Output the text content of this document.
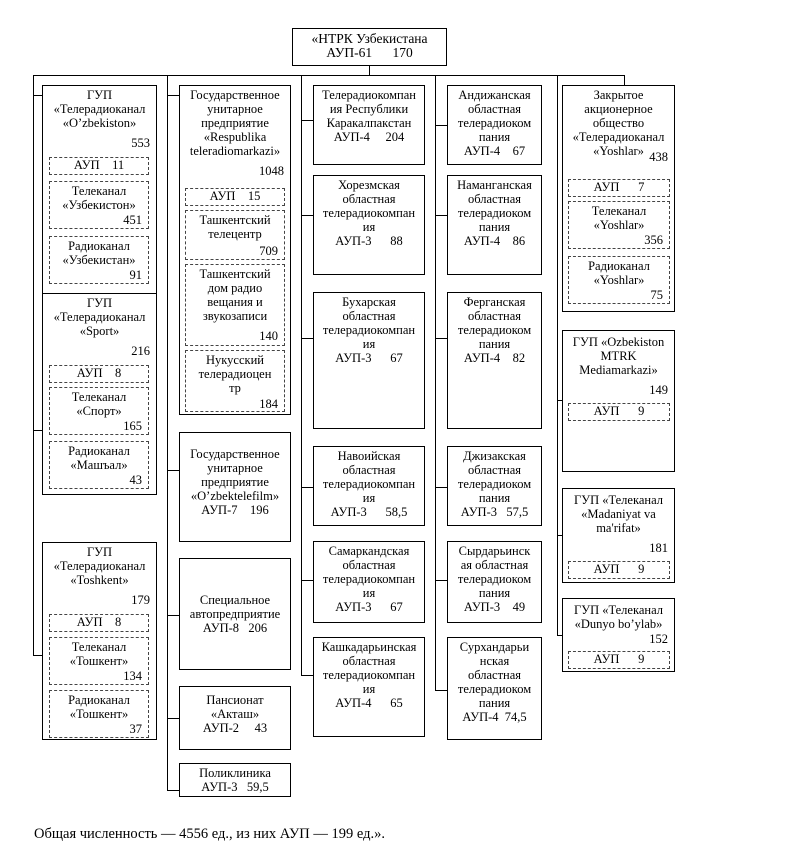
«НТРК Узбекистана
АУП-61 170
ГУП
«Телерадиоканал
«O’zbekiston»
553
АУП 11
Телеканал
«Узбекистон»
451
Радиоканал
«Узбекистан»
91
ГУП
«Телерадиоканал
«Sport»
216
АУП 8
Телеканал
«Спорт»
165
Радиоканал
«Машъал»
43
ГУП
«Телерадиоканал
«Toshkent»
179
АУП 8
Телеканал
«Тошкент»
134
Радиоканал
«Тошкент»
37
Государственное
унитарное
предприятие
«Respublika
teleradiomarkazi»
1048
АУП 15
Ташкентский
телецентр
709
Ташкентский
дом радио
вещания и
звукозаписи
140
Нукусский
телерадиоцен
тр
184
Государственное
унитарное
предприятие
«O’zbektelefilm»
АУП-7 196
Специальное
автопредприятие
АУП-8 206
Пансионат
«Акташ»
АУП-2 43
Поликлиника
АУП-3 59,5
Телерадиокомпан
ия Республики
Каракалпакстан
АУП-4 204
Хорезмская
областная
телерадиокомпан
ия
АУП-3 88
Бухарская
областная
телерадиокомпан
ия
АУП-3 67
Навоийская
областная
телерадиокомпан
ия
АУП-3 58,5
Самаркандская
областная
телерадиокомпан
ия
АУП-3 67
Кашкадарьинская
областная
телерадиокомпан
ия
АУП-4 65
Андижанская
областная
телерадиоком
пания
АУП-4 67
Наманганская
областная
телерадиоком
пания
АУП-4 86
Ферганская
областная
телерадиоком
пания
АУП-4 82
Джизакская
областная
телерадиоком
пания
АУП-3 57,5
Сырдарьинск
ая областная
телерадиоком
пания
АУП-3 49
Сурхандарьи
нская
областная
телерадиоком
пания
АУП-4 74,5
Закрытое
акционерное
общество
«Телерадиоканал
«Yoshlar» 438
АУП 7
Телеканал
«Yoshlar»
356
Радиоканал
«Yoshlar»
75
ГУП «Ozbekiston
MTRK
Mediamarkazi»
149
АУП 9
ГУП «Телеканал
«Madaniyat va
ma'rifat»
181
АУП 9
ГУП «Телеканал
«Dunyo bo’ylab»
152
АУП 9
Общая численность — 4556 ед., из них АУП — 199 ед.».
